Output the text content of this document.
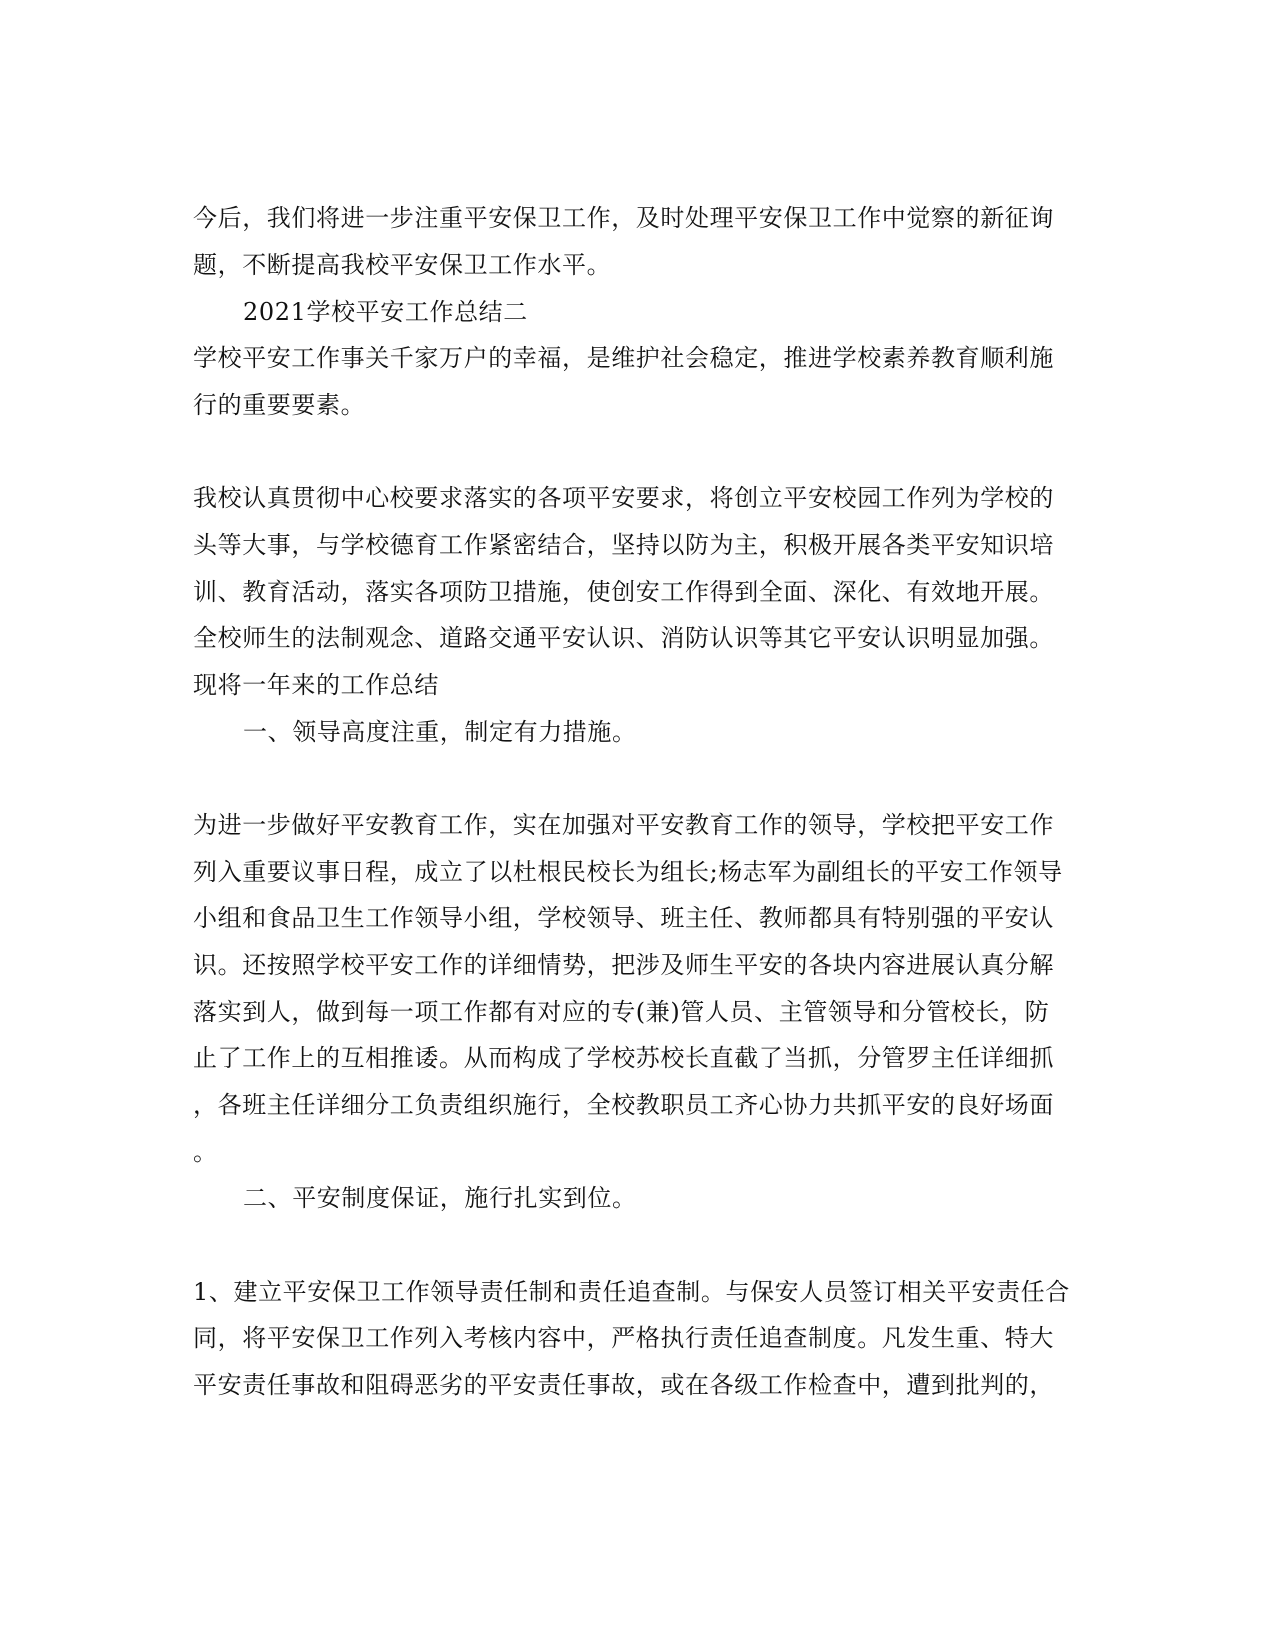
今后，我们将进一步注重平安保卫工作，及时处理平安保卫工作中觉察的新征询
题，不断提高我校平安保卫工作水平。
2021学校平安工作总结二
学校平安工作事关千家万户的幸福，是维护社会稳定，推进学校素养教育顺利施
行的重要要素。
我校认真贯彻中心校要求落实的各项平安要求，将创立平安校园工作列为学校的
头等大事，与学校德育工作紧密结合，坚持以防为主，积极开展各类平安知识培
训、教育活动，落实各项防卫措施，使创安工作得到全面、深化、有效地开展。
全校师生的法制观念、道路交通平安认识、消防认识等其它平安认识明显加强。
现将一年来的工作总结
一、领导高度注重，制定有力措施。
为进一步做好平安教育工作，实在加强对平安教育工作的领导，学校把平安工作
列入重要议事日程，成立了以杜根民校长为组长;杨志军为副组长的平安工作领导
小组和食品卫生工作领导小组，学校领导、班主任、教师都具有特别强的平安认
识。还按照学校平安工作的详细情势，把涉及师生平安的各块内容进展认真分解
落实到人，做到每一项工作都有对应的专(兼)管人员、主管领导和分管校长，防
止了工作上的互相推诿。从而构成了学校苏校长直截了当抓，分管罗主任详细抓
，各班主任详细分工负责组织施行，全校教职员工齐心协力共抓平安的良好场面
。
二、平安制度保证，施行扎实到位。
1、建立平安保卫工作领导责任制和责任追查制。与保安人员签订相关平安责任合
同，将平安保卫工作列入考核内容中，严格执行责任追查制度。凡发生重、特大
平安责任事故和阻碍恶劣的平安责任事故，或在各级工作检查中，遭到批判的，
